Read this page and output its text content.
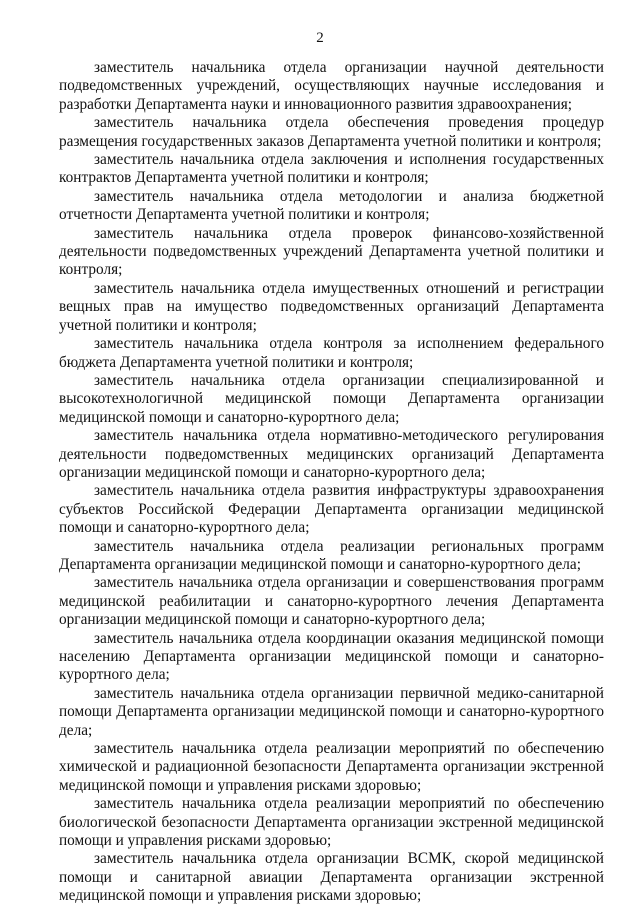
2

заместитель начальника отдела организации научной деятельности подведомственных учреждений, осуществляющих научные исследования и разработки Департамента науки и инновационного развития здравоохранения;

заместитель начальника отдела обеспечения проведения процедур размещения государственных заказов Департамента учетной политики и контроля;

заместитель начальника отдела заключения и исполнения государственных контрактов Департамента учетной политики и контроля;

заместитель начальника отдела методологии и анализа бюджетной отчетности Департамента учетной политики и контроля;

заместитель начальника отдела проверок финансово-хозяйственной деятельности подведомственных учреждений Департамента учетной политики и контроля;

заместитель начальника отдела имущественных отношений и регистрации вещных прав на имущество подведомственных организаций Департамента учетной политики и контроля;

заместитель начальника отдела контроля за исполнением федерального бюджета Департамента учетной политики и контроля;

заместитель начальника отдела организации специализированной и высокотехнологичной медицинской помощи Департамента организации медицинской помощи и санаторно-курортного дела;

заместитель начальника отдела нормативно-методического регулирования деятельности подведомственных медицинских организаций Департамента организации медицинской помощи и санаторно-курортного дела;

заместитель начальника отдела развития инфраструктуры здравоохранения субъектов Российской Федерации Департамента организации медицинской помощи и санаторно-курортного дела;

заместитель начальника отдела реализации региональных программ Департамента организации медицинской помощи и санаторно-курортного дела;

заместитель начальника отдела организации и совершенствования программ медицинской реабилитации и санаторно-курортного лечения Департамента организации медицинской помощи и санаторно-курортного дела;

заместитель начальника отдела координации оказания медицинской помощи населению Департамента организации медицинской помощи и санаторно-курортного дела;

заместитель начальника отдела организации первичной медико-санитарной помощи Департамента организации медицинской помощи и санаторно-курортного дела;

заместитель начальника отдела реализации мероприятий по обеспечению химической и радиационной безопасности Департамента организации экстренной медицинской помощи и управления рисками здоровью;

заместитель начальника отдела реализации мероприятий по обеспечению биологической безопасности Департамента организации экстренной медицинской помощи и управления рисками здоровью;

заместитель начальника отдела организации ВСМК, скорой медицинской помощи и санитарной авиации Департамента организации экстренной медицинской помощи и управления рисками здоровью;
